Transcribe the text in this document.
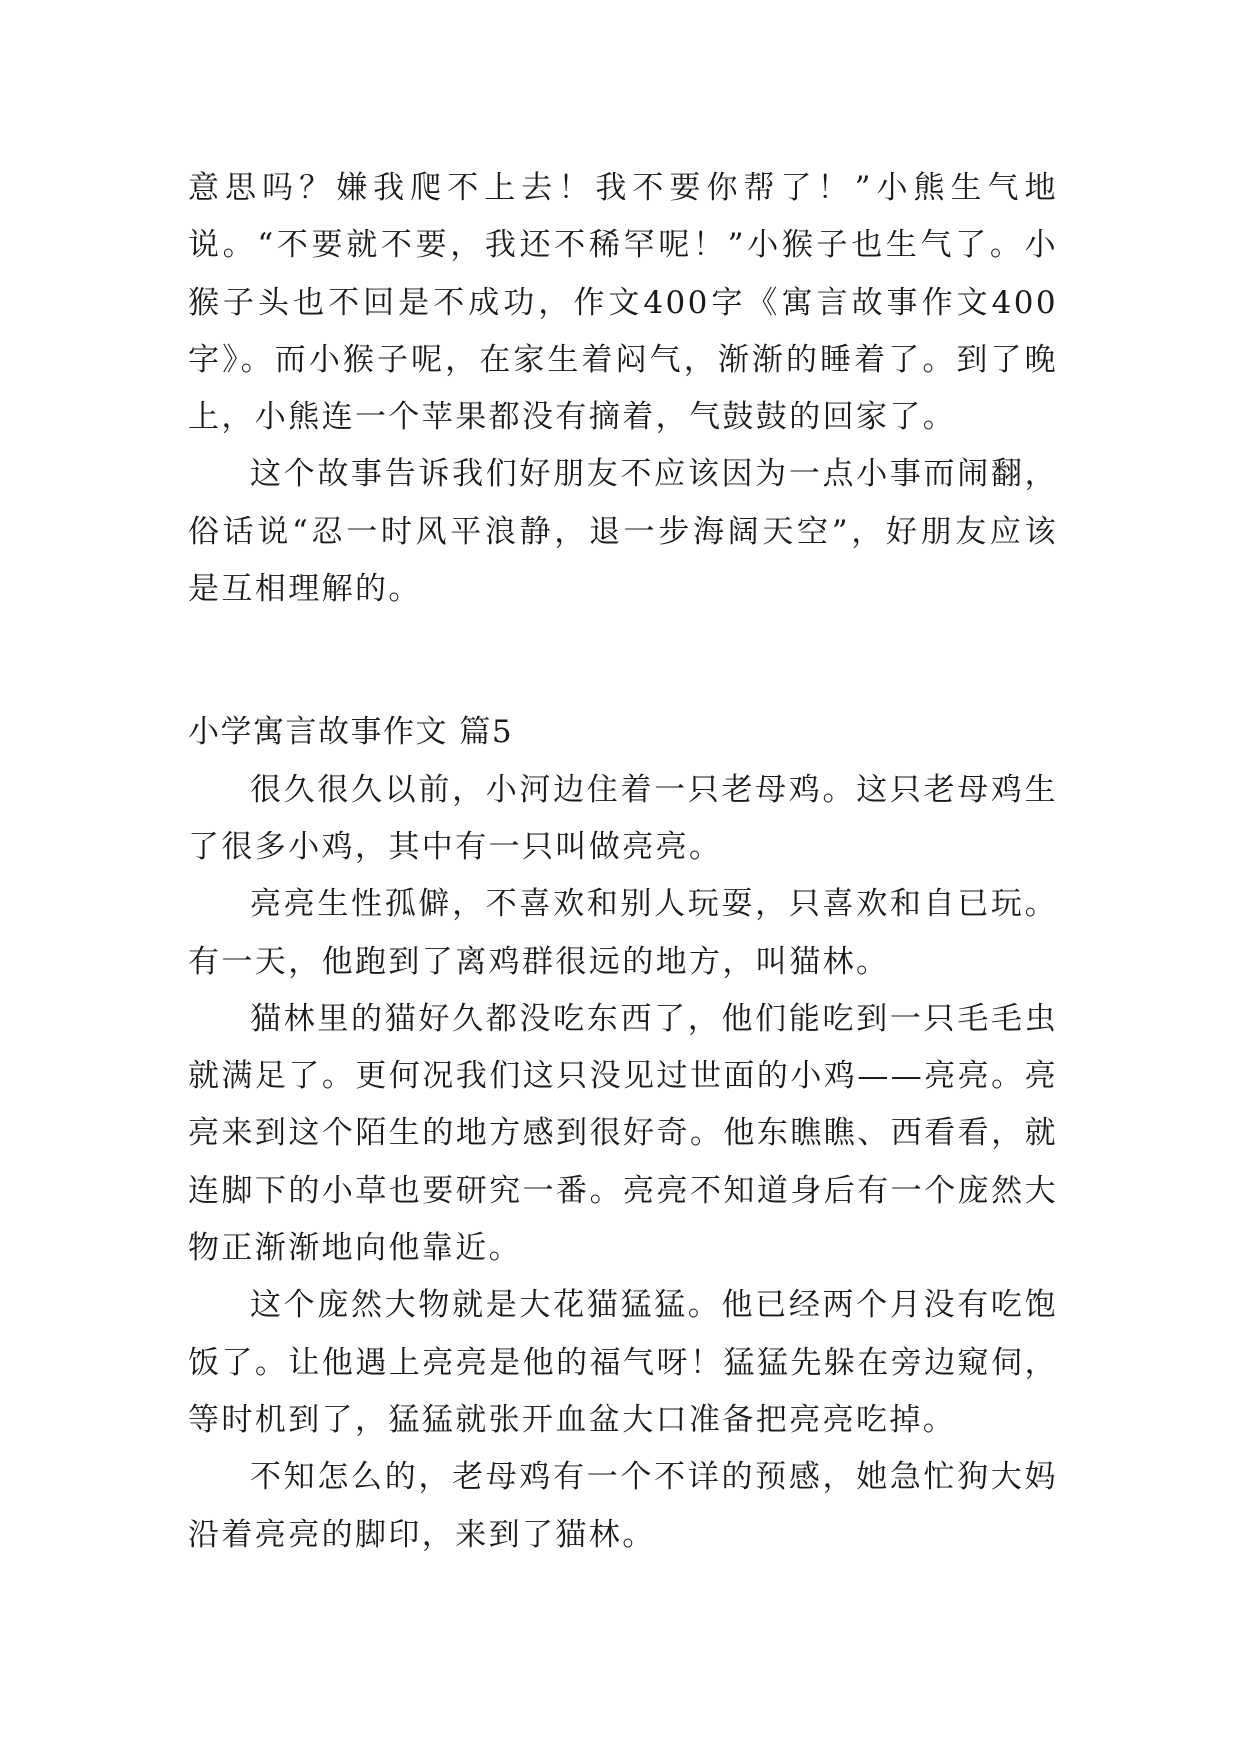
意思吗？嫌我爬不上去！我不要你帮了！”小熊生气地说。“不要就不要，我还不稀罕呢！”小猴子也生气了。小猴子头也不回是不成功，作文400字《寓言故事作文400字》。而小猴子呢，在家生着闷气，渐渐的睡着了。到了晚上，小熊连一个苹果都没有摘着，气鼓鼓的回家了。

这个故事告诉我们好朋友不应该因为一点小事而闹翻，俗话说“忍一时风平浪静，退一步海阔天空”，好朋友应该是互相理解的。

小学寓言故事作文 篇5

很久很久以前，小河边住着一只老母鸡。这只老母鸡生了很多小鸡，其中有一只叫做亮亮。

亮亮生性孤僻，不喜欢和别人玩耍，只喜欢和自已玩。有一天，他跑到了离鸡群很远的地方，叫猫林。

猫林里的猫好久都没吃东西了，他们能吃到一只毛毛虫就满足了。更何况我们这只没见过世面的小鸡——亮亮。亮亮来到这个陌生的地方感到很好奇。他东瞧瞧、西看看，就连脚下的小草也要研究一番。亮亮不知道身后有一个庞然大物正渐渐地向他靠近。

这个庞然大物就是大花猫猛猛。他已经两个月没有吃饱饭了。让他遇上亮亮是他的福气呀！猛猛先躲在旁边窥伺，等时机到了，猛猛就张开血盆大口准备把亮亮吃掉。

不知怎么的，老母鸡有一个不详的预感，她急忙狗大妈沿着亮亮的脚印，来到了猫林。
